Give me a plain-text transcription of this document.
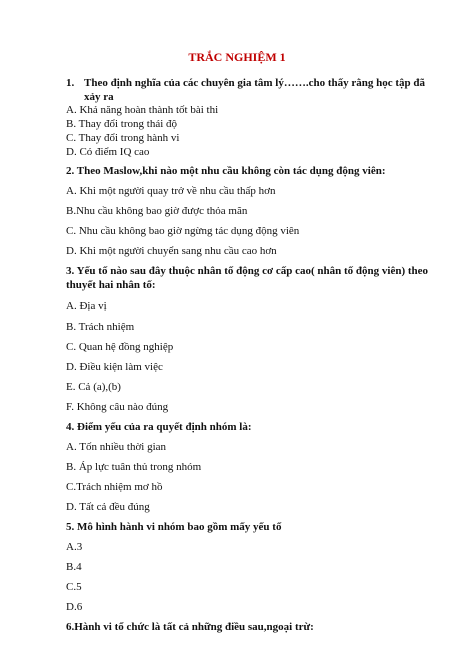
TRẮC NGHIỆM 1
1. Theo định nghĩa của các chuyên gia tâm lý…….cho thấy rằng học tập đã xảy ra
A. Khả năng hoàn thành tốt bài thi
B. Thay đổi trong thái độ
C. Thay đổi trong hành vi
D. Có điểm IQ cao
2. Theo Maslow,khi nào một nhu cầu không còn tác dụng động viên:
A. Khi một người quay trở về nhu cầu thấp hơn
B.Nhu cầu không bao giờ được thỏa mãn
C. Nhu cầu không bao giờ ngừng tác dụng động viên
D. Khi một người chuyển sang nhu cầu cao hơn
3. Yếu tố nào sau đây thuộc nhân tố động cơ cấp cao( nhân tố động viên) theo thuyết hai nhân tố:
A. Địa vị
B. Trách nhiệm
C. Quan hệ đồng nghiệp
D. Điều kiện làm việc
E. Cả (a),(b)
F. Không câu nào đúng
4. Điểm yếu của ra quyết định nhóm là:
A. Tốn nhiều thời gian
B. Áp lực tuân thủ trong nhóm
C.Trách nhiệm mơ hồ
D. Tất cả đều đúng
5. Mô hình hành vi nhóm bao gồm mấy yếu tố
A.3
B.4
C.5
D.6
6.Hành vi tổ chức là tất cả những điều sau,ngoại trừ:
